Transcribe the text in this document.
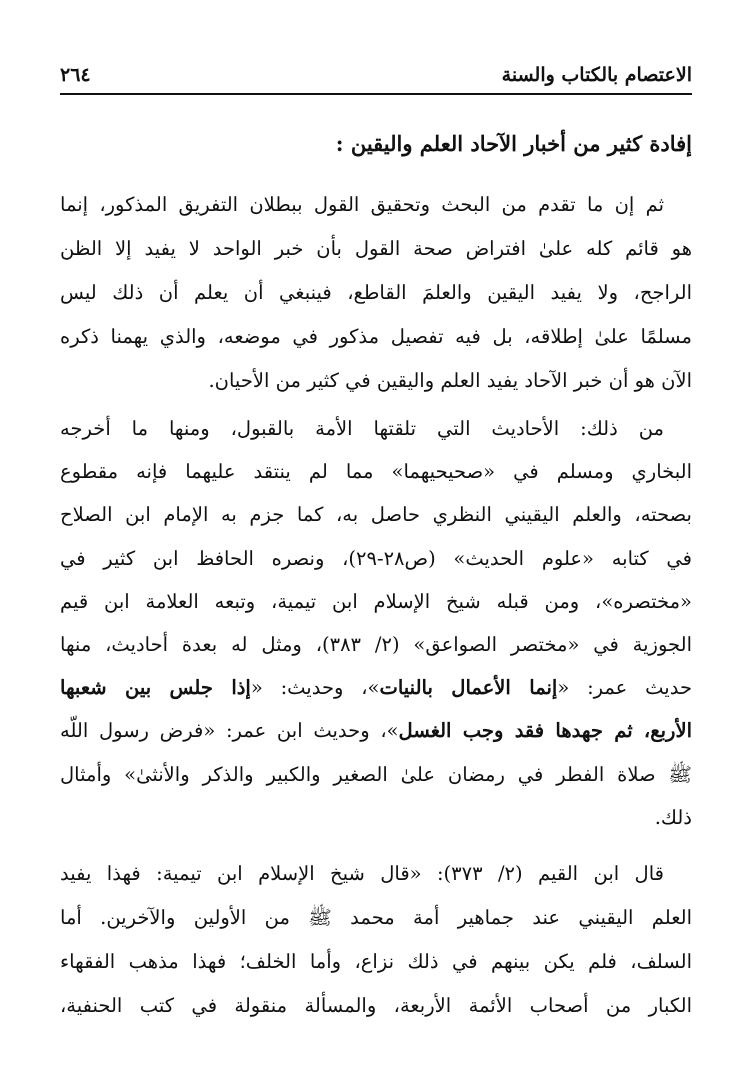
الاعتصام بالكتاب والسنة
٢٦٤
إفادة كثير من أخبار الآحاد العلم واليقين :
ثم إن ما تقدم من البحث وتحقيق القول ببطلان التفريق المذكور، إنما
هو قائم كله علىٰ افتراض صحة القول بأن خبر الواحد لا يفيد إلا الظن
الراجح، ولا يفيد اليقين والعلمَ القاطع، فينبغي أن يعلم أن ذلك ليس
مسلمًا علىٰ إطلاقه، بل فيه تفصيل مذكور في موضعه، والذي يهمنا ذكره
الآن هو أن خبر الآحاد يفيد العلم واليقين في كثير من الأحيان.
من ذلك: الأحاديث التي تلقتها الأمة بالقبول، ومنها ما أخرجه
البخاري ومسلم في «صحيحيهما» مما لم ينتقد عليهما فإنه مقطوع
بصحته، والعلم اليقيني النظري حاصل به، كما جزم به الإمام ابن الصلاح
في كتابه «علوم الحديث» (ص٢٨-٢٩)، ونصره الحافظ ابن كثير في
«مختصره»، ومن قبله شيخ الإسلام ابن تيمية، وتبعه العلامة ابن قيم
الجوزية في «مختصر الصواعق» (٢/ ٣٨٣)، ومثل له بعدة أحاديث، منها
حديث عمر: «إنما الأعمال بالنيات»، وحديث: «إذا جلس بين شعبها
الأربع، ثم جهدها فقد وجب الغسل»، وحديث ابن عمر: «فرض رسول اللّه
ﷺ صلاة الفطر في رمضان علىٰ الصغير والكبير والذكر والأنثىٰ» وأمثال
ذلك.
قال ابن القيم (٢/ ٣٧٣): «قال شيخ الإسلام ابن تيمية: فهذا يفيد
العلم اليقيني عند جماهير أمة محمد ﷺ من الأولين والآخرين. أما
السلف، فلم يكن بينهم في ذلك نزاع، وأما الخلف؛ فهذا مذهب الفقهاء
الكبار من أصحاب الأئمة الأربعة، والمسألة منقولة في كتب الحنفية،
